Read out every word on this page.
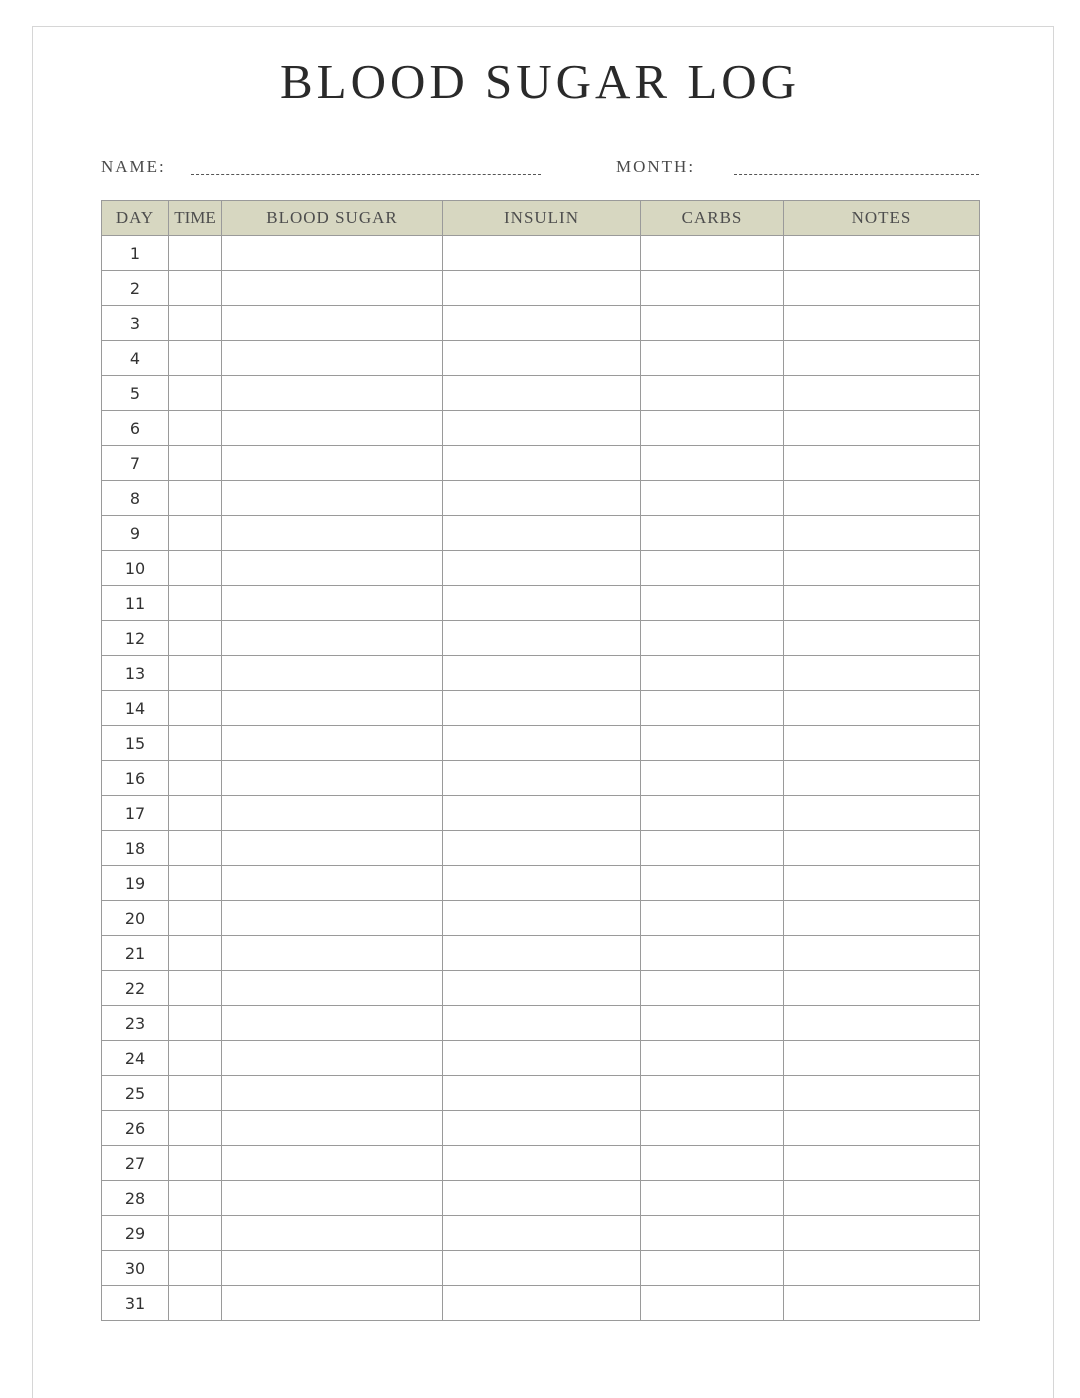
BLOOD SUGAR LOG
NAME:	MONTH:
DAY	TIME	BLOOD SUGAR	INSULIN	CARBS	NOTES
1					
2					
3					
4					
5					
6					
7					
8					
9					
10					
11					
12					
13					
14					
15					
16					
17					
18					
19					
20					
21					
22					
23					
24					
25					
26					
27					
28					
29					
30					
31					
